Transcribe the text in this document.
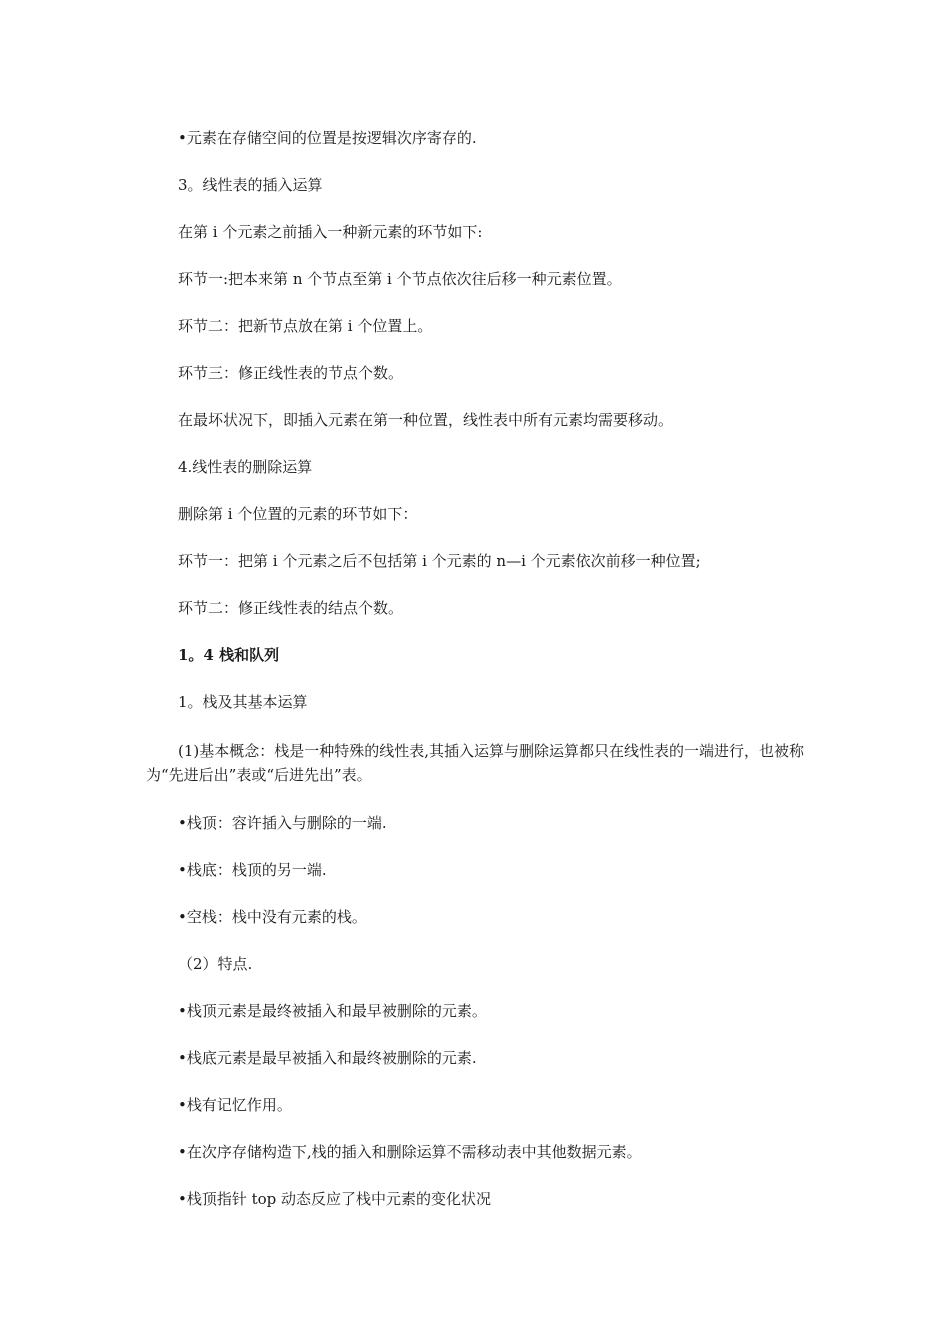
•元素在存储空间的位置是按逻辑次序寄存的.
3。线性表的插入运算
在第 i 个元素之前插入一种新元素的环节如下:
环节一:把本来第 n 个节点至第 i 个节点依次往后移一种元素位置。
环节二：把新节点放在第 i 个位置上。
环节三：修正线性表的节点个数。
在最坏状况下，即插入元素在第一种位置，线性表中所有元素均需要移动。
4.线性表的删除运算
删除第 i 个位置的元素的环节如下：
环节一：把第 i 个元素之后不包括第 i 个元素的 n—i 个元素依次前移一种位置;
环节二：修正线性表的结点个数。
1。4 栈和队列
1。栈及其基本运算
(1)基本概念：栈是一种特殊的线性表,其插入运算与删除运算都只在线性表的一端进行，也被称为“先进后出”表或“后进先出”表。
•栈顶：容许插入与删除的一端.
•栈底：栈顶的另一端.
•空栈：栈中没有元素的栈。
（2）特点.
•栈顶元素是最终被插入和最早被删除的元素。
•栈底元素是最早被插入和最终被删除的元素.
•栈有记忆作用。
•在次序存储构造下,栈的插入和删除运算不需移动表中其他数据元素。
•栈顶指针 top 动态反应了栈中元素的变化状况
